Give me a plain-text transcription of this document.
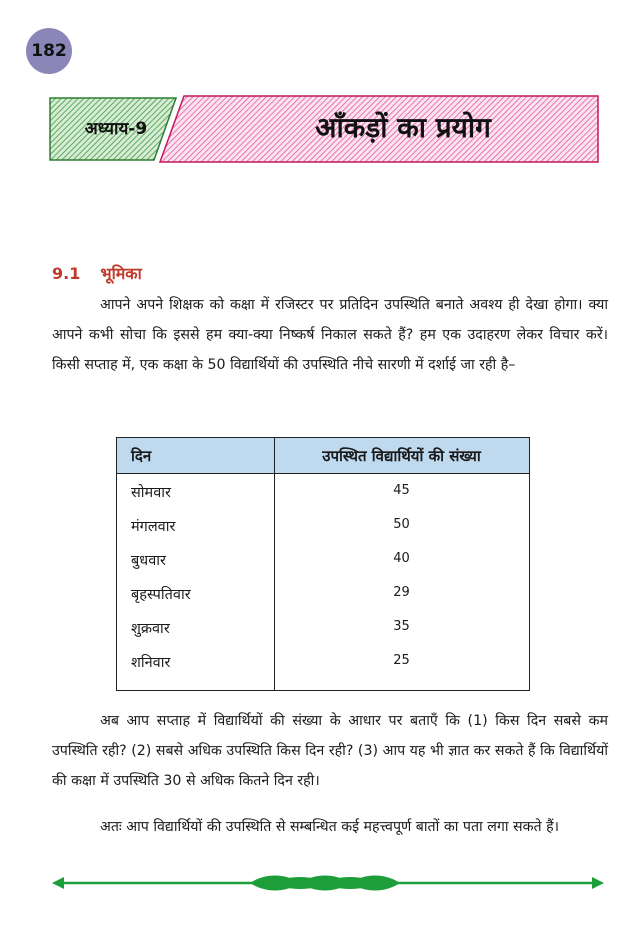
182
अध्याय-9	आँकड़ों का प्रयोग
9.1 भूमिका
आपने अपने शिक्षक को कक्षा में रजिस्टर पर प्रतिदिन उपस्थिति बनाते अवश्य ही देखा होगा। क्या आपने कभी सोचा कि इससे हम क्या-क्या निष्कर्ष निकाल सकते हैं? हम एक उदाहरण लेकर विचार करें। किसी सप्ताह में, एक कक्षा के 50 विद्यार्थियों की उपस्थिति नीचे सारणी में दर्शाई जा रही है–
दिन	उपस्थित विद्यार्थियों की संख्या
सोमवार	45
मंगलवार	50
बुधवार	40
बृहस्पतिवार	29
शुक्रवार	35
शनिवार	25
अब आप सप्ताह में विद्यार्थियों की संख्या के आधार पर बताएँ कि (1) किस दिन सबसे कम उपस्थिति रही? (2) सबसे अधिक उपस्थिति किस दिन रही? (3) आप यह भी ज्ञात कर सकते हैं कि विद्यार्थियों की कक्षा में उपस्थिति 30 से अधिक कितने दिन रही।
अतः आप विद्यार्थियों की उपस्थिति से सम्बन्धित कई महत्त्वपूर्ण बातों का पता लगा सकते हैं।
